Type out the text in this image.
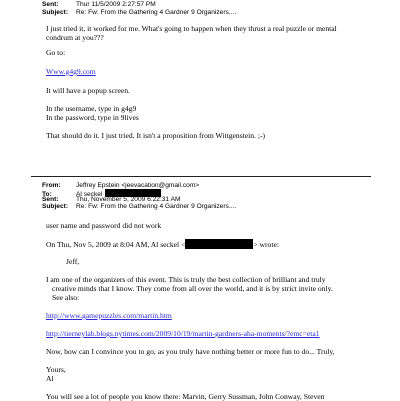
Sent:	Thur 11/5/2009 2:27:57 PM
Subject: Re: Fw: From the Gathering 4 Gardner 9 Organizers....
I just tried it, it worked for me. What's going to happen when they thrust a real puzzle or mental
condrum at you???
Go to:
Www.g4g9.com
It will have a popup screen.
In the username, type in g4g9
In the password, type in 9lives
That should do it. I just tried. It isn't a proposition from Wittgenstein. ;-)
From: Jeffrey Epstein <jeevacation@gmail.com>
To:	Al seckel
Sent:	Thu, November 5, 2009 6:22:31 AM
Subject: Re: Fw: From the Gathering 4 Gardner 9 Organizers....
user name and password did not work
On Thu, Nov 5, 2009 at 8:04 AM, Al seckel <	> wrote:
Jeff,
I am one of the organizers of this event. This is truly the best collection of brilliant and truly
creative minds that I know. They come from all over the world, and it is by strict invite only.
See also:
http://www.gamepuzzles.com/martin.htm
http://tierneylab.blogs.nytimes.com/2009/10/19/martin-gardners-aha-moments/?emc=eta1
Now, how can I convince you to go, as you truly have nothing better or more fun to do... Truly,
Yours,
Al
You will see a lot of people you know there: Marvin, Gerry Sussman, John Conway, Steven
